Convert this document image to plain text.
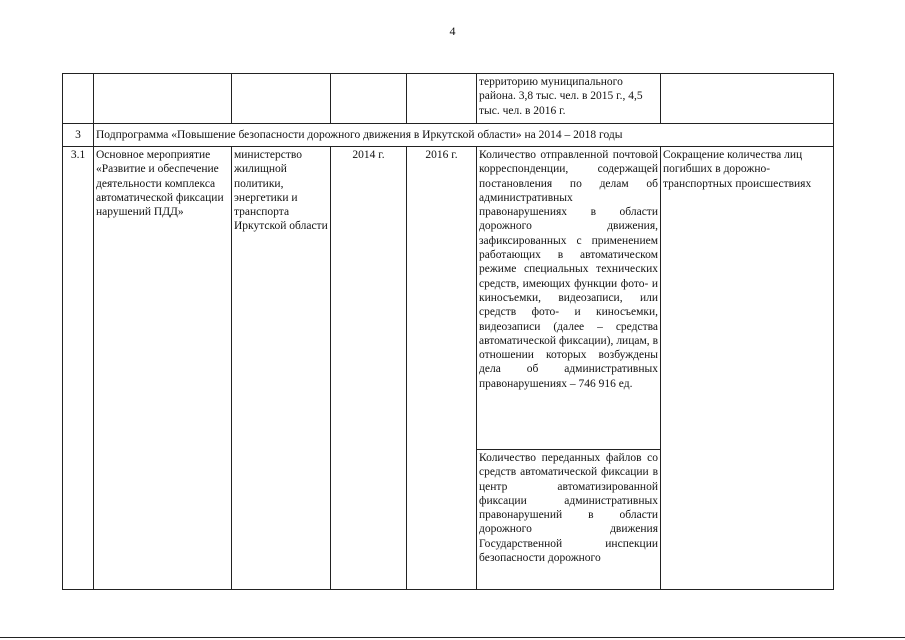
4
					территорию муниципального района. 3,8 тыс. чел. в 2015 г., 4,5 тыс. чел. в 2016 г.	
3	Подпрограмма «Повышение безопасности дорожного движения в Иркутской области» на 2014 – 2018 годы					
3.1	Основное мероприятие «Развитие и обеспечение деятельности комплекса автоматической фиксации нарушений ПДД»	министерство жилищной политики, энергетики и транспорта Иркутской области	2014 г.	2016 г.	Количество отправленной почтовой корреспонденции, содержащей постановления по делам об административных правонарушениях в области дорожного движения, зафиксированных с применением работающих в автоматическом режиме специальных технических средств, имеющих функции фото- и киносъемки, видеозаписи, или средств фото- и киносъемки, видеозаписи (далее – средства автоматической фиксации), лицам, в отношении которых возбуждены дела об административных правонарушениях – 746 916 ед.	Сокращение количества лиц погибших в дорожно-транспортных происшествиях
					Количество переданных файлов со средств автоматической фиксации в центр автоматизированной фиксации административных правонарушений в области дорожного движения Государственной инспекции безопасности дорожного	
